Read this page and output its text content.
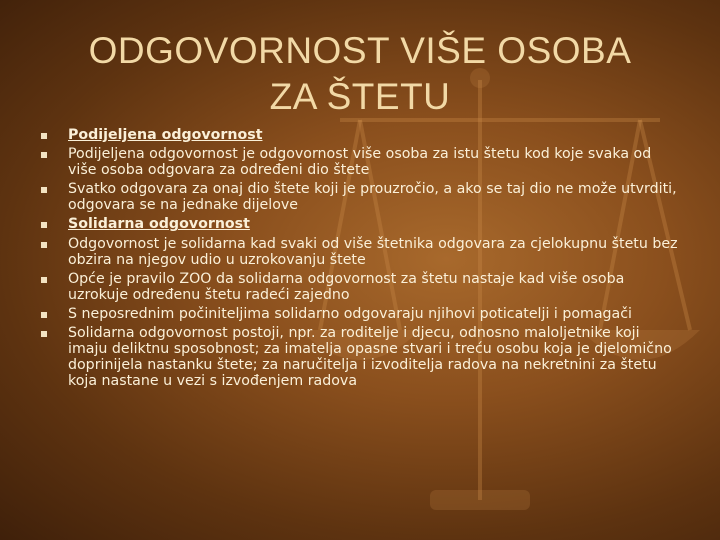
ODGOVORNOST VIŠE OSOBA
ZA ŠTETU
Podijeljena odgovornost
Podijeljena odgovornost je odgovornost više osoba za istu štetu kod koje svaka od više osoba odgovara za određeni dio štete
Svatko odgovara za onaj dio štete koji je prouzročio, a ako se taj dio ne može utvrditi, odgovara se na jednake dijelove
Solidarna odgovornost
Odgovornost je solidarna kad svaki od više štetnika odgovara za cjelokupnu štetu bez obzira na njegov udio u uzrokovanju štete
Opće je pravilo ZOO da solidarna odgovornost za štetu nastaje kad više osoba uzrokuje određenu štetu radeći zajedno
S neposrednim počiniteljima solidarno odgovaraju njihovi poticatelji i pomagači
Solidarna odgovornost postoji, npr. za roditelje i djecu, odnosno maloljetnike koji imaju deliktnu sposobnost; za imatelja opasne stvari i treću osobu koja je djelomično doprinijela nastanku štete; za naručitelja i izvoditelja radova na nekretnini za štetu koja nastane u vezi s izvođenjem radova
